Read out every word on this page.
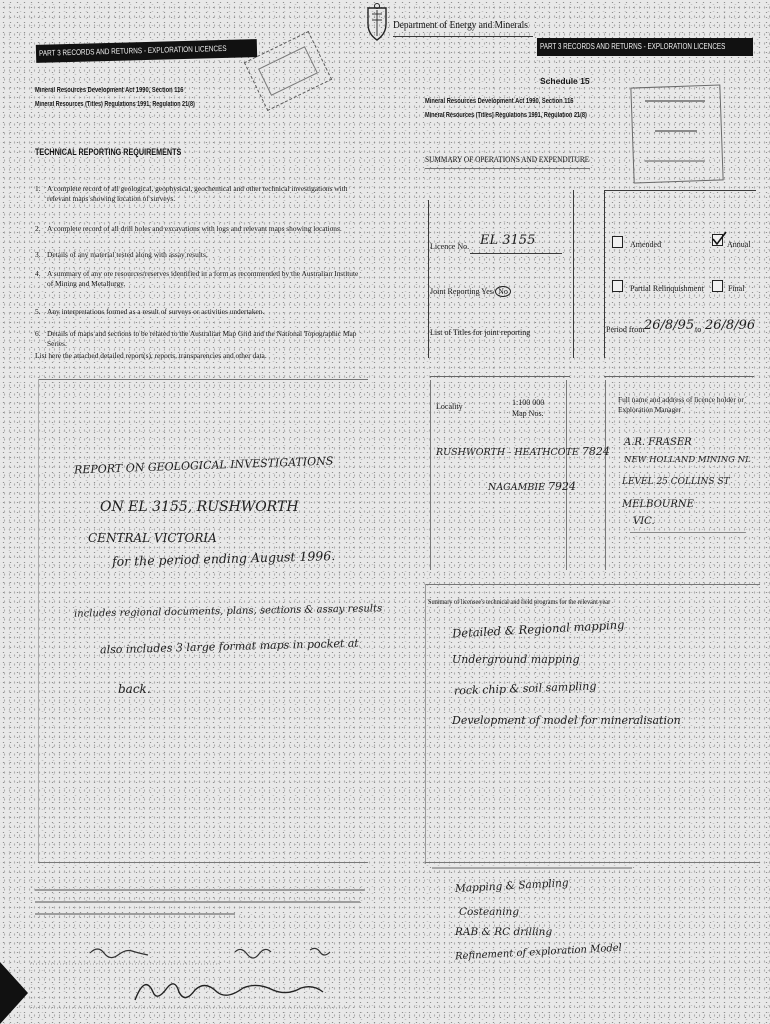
Department of Energy and Minerals
PART 3 RECORDS AND RETURNS - EXPLORATION LICENCES
Mineral Resources Development Act 1990, Section 116
Mineral Resources (Titles) Regulations 1991, Regulation 21(8)
TECHNICAL REPORTING REQUIREMENTS
1. A complete record of all geological, geophysical, geochemical and other technical investigations with relevant maps showing location of surveys.
2. A complete record of all drill holes and excavations with logs and relevant maps showing locations.
3. Details of any material tested along with assay results.
4. A summary of any ore resources/reserves identified in a form as recommended by the Australian Institute of Mining and Metallurgy.
5. Any interpretations formed as a result of surveys or activities undertaken.
6. Details of maps and sections to be related to the Australian Map Grid and the National Topographic Map Series.
List here the attached detailed report(s), reports, transparencies and other data.
REPORT ON GEOLOGICAL INVESTIGATIONS
ON EL 3155, RUSHWORTH
CENTRAL VICTORIA
for the period ending August 1996.
includes regional documents, plans, sections & assay results
also includes 3 large format maps in pocket at
back.
PART 3 RECORDS AND RETURNS - EXPLORATION LICENCES
Schedule 15
Mineral Resources Development Act 1990, Section 116
Mineral Resources (Titles) Regulations 1991, Regulation 21(8)
SUMMARY OF OPERATIONS AND EXPENDITURE
Licence No. EL 3155	Amended	Annual
Joint Reporting Yes/ No	Partial Relinquishment	Final
List of Titles for joint reporting	Period from 26/8/95 to 26/8/96
Locality	1:100 000
Map Nos.
RUSHWORTH - HEATHCOTE 7824
NAGAMBIE 7924
Full name and address of licence holder or Exploration Manager
A.R. FRASER
NEW HOLLAND MINING NL
LEVEL 25 COLLINS ST
MELBOURNE
VIC.
Summary of licensee's technical and field programs for the relevant year
Detailed & Regional mapping
Underground mapping
rock chip & soil sampling
Development of model for mineralisation
Mapping & Sampling
Costeaning
RAB & RC drilling
Refinement of exploration Model
